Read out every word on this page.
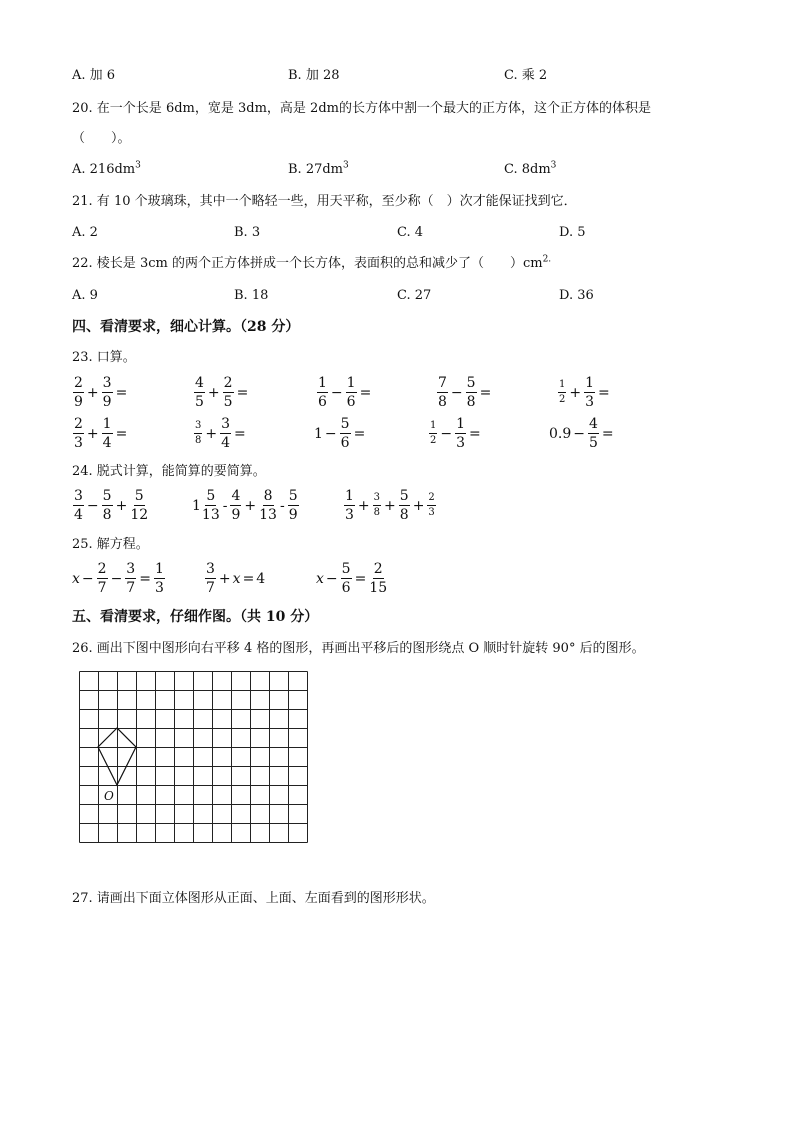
A. 加 6	B. 加 28	C. 乘 2
20. 在一个长是 6dm，宽是 3dm，高是 2dm的长方体中割一个最大的正方体，这个正方体的体积是
（　　）。
A. $216dm^3$	B. $27dm^3$	C. $8dm^3$
21. 有 10 个玻璃珠，其中一个略轻一些，用天平称，至少称（　）次才能保证找到它．
A. 2	B. 3	C. 4	D. 5
22. 棱长是 3cm 的两个正方体拼成一个长方体，表面积的总和减少了（　　）$cm^{2.}$
A. 9	B. 18	C. 27	D. 36
四、看清要求，细心计算。（28 分）
23. 口算。
$\frac{2}{9} + \frac{3}{9}$ =	$\frac{4}{5} + \frac{2}{5}$ =	$\frac{1}{6} - \frac{1}{6}$ =	$\frac{7}{8} - \frac{5}{8}$ =	$\frac{1}{2} + \frac{1}{3}$ =
$\frac{2}{3} + \frac{1}{4}$ =	$\frac{3}{8} + \frac{3}{4}$ =	$1 - \frac{5}{6}$ =	$\frac{1}{2} - \frac{1}{3}$ =	$0.9 - \frac{4}{5}$ =
24. 脱式计算，能简算的要简算。
$\frac{3}{4} - \frac{5}{8} + \frac{5}{12}$	$1 \frac{5}{13} - \frac{4}{9} + \frac{8}{13} - \frac{5}{9}$	$\frac{1}{3} + \frac{3}{8} + \frac{5}{8} + \frac{2}{3}$
25. 解方程。
$x - \frac{2}{7} - \frac{3}{7} = \frac{1}{3}$	$\frac{3}{7} + x = 4$	$x - \frac{5}{6} = \frac{2}{15}$
五、看清要求，仔细作图。（共 10 分）
26. 画出下图中图形向右平移 4 格的图形，再画出平移后的图形绕点 O 顺时针旋转 90° 后的图形。
O
27. 请画出下面立体图形从正面、上面、左面看到的图形形状。
